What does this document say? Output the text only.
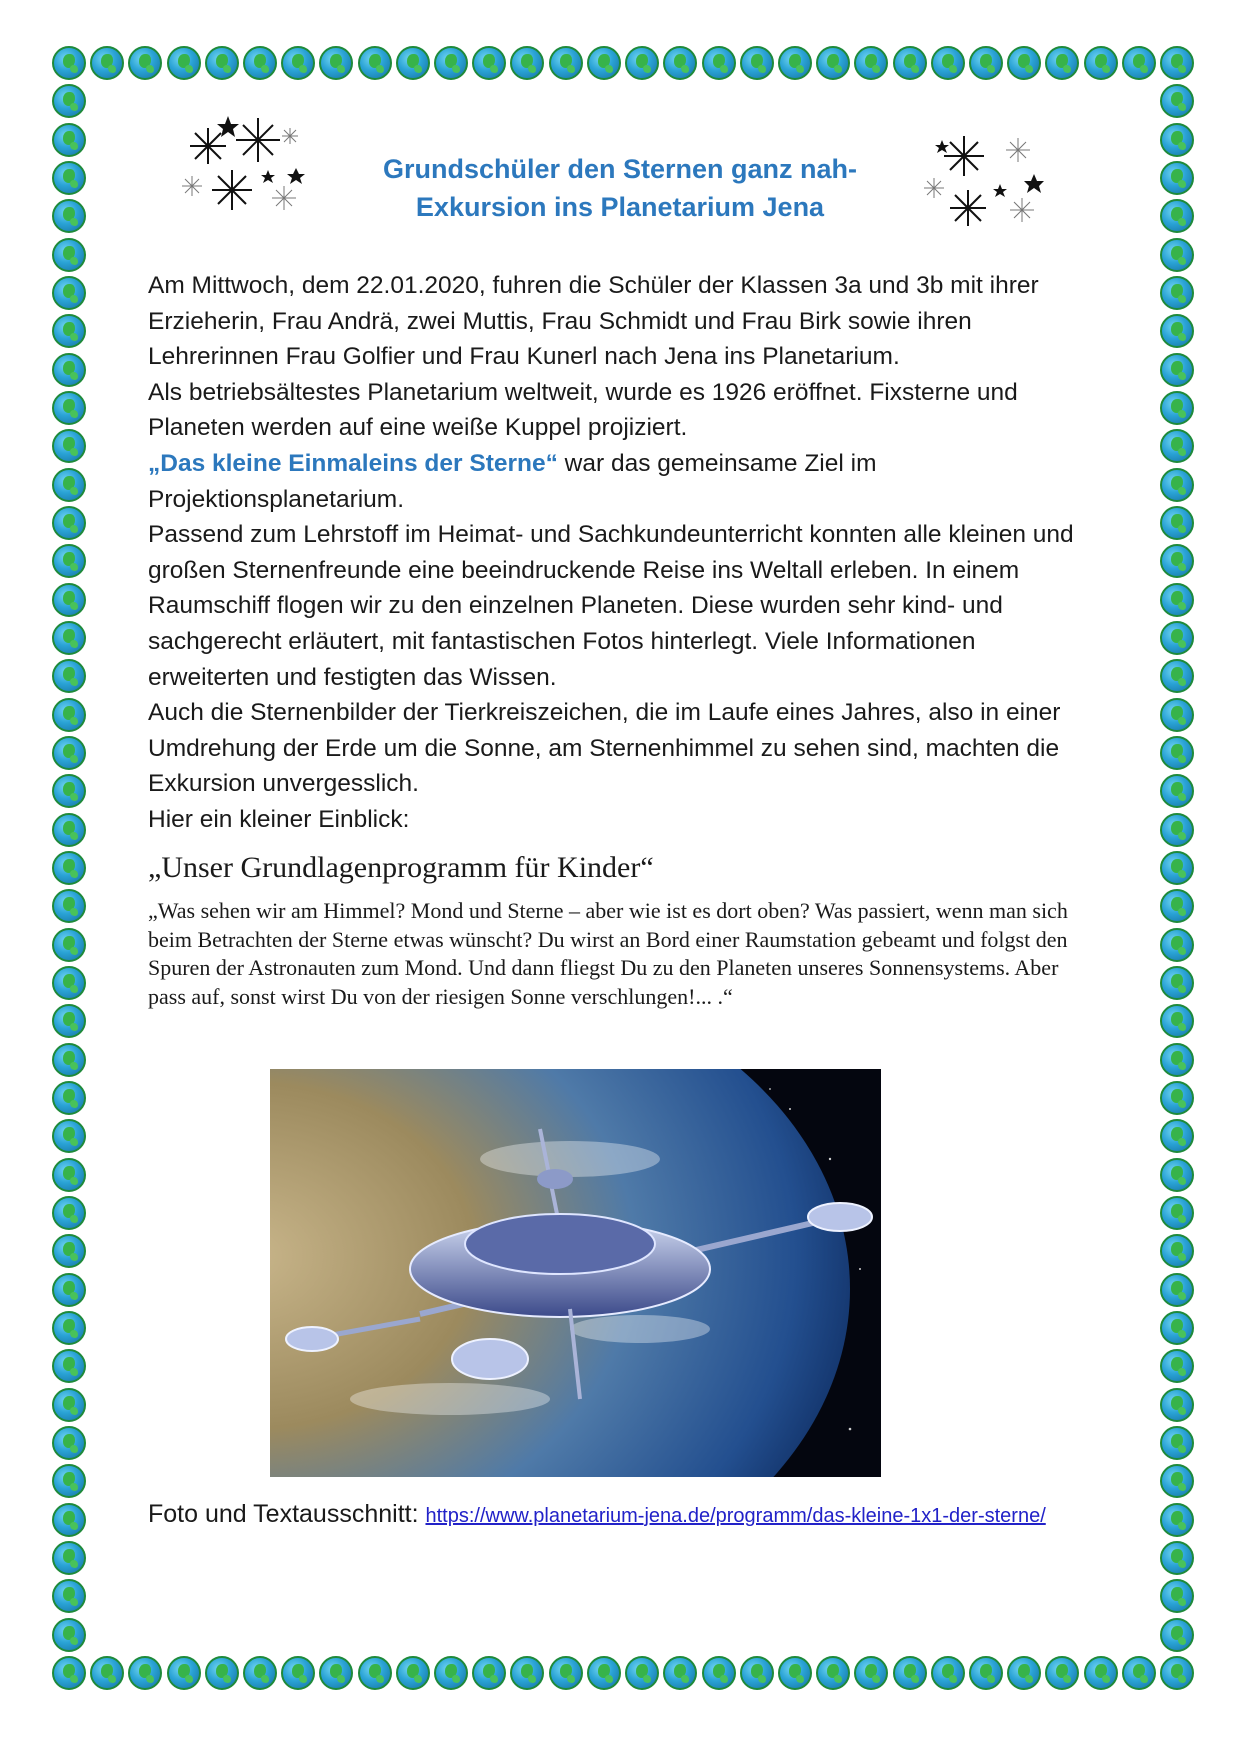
Grundschüler den Sternen ganz nah-
Exkursion ins Planetarium Jena

Am Mittwoch, dem 22.01.2020, fuhren die Schüler der Klassen 3a und 3b mit ihrer Erzieherin, Frau Andrä, zwei Muttis, Frau Schmidt und Frau Birk sowie ihren Lehrerinnen Frau Golfier und Frau Kunerl nach Jena ins Planetarium.

Als betriebsältestes Planetarium weltweit, wurde es 1926 eröffnet. Fixsterne und Planeten werden auf eine weiße Kuppel projiziert.

„Das kleine Einmaleins der Sterne“ war das gemeinsame Ziel im Projektionsplanetarium.

Passend zum Lehrstoff im Heimat- und Sachkundeunterricht konnten alle kleinen und großen Sternenfreunde eine beeindruckende Reise ins Weltall erleben. In einem Raumschiff flogen wir zu den einzelnen Planeten. Diese wurden sehr kind- und sachgerecht erläutert, mit fantastischen Fotos hinterlegt. Viele Informationen erweiterten und festigten das Wissen.

Auch die Sternenbilder der Tierkreiszeichen, die im Laufe eines Jahres, also in einer Umdrehung der Erde um die Sonne, am Sternenhimmel zu sehen sind, machten die Exkursion unvergesslich.

Hier ein kleiner Einblick:

„Unser Grundlagenprogramm für Kinder“
„Was sehen wir am Himmel? Mond und Sterne – aber wie ist es dort oben? Was passiert, wenn man sich beim Betrachten der Sterne etwas wünscht? Du wirst an Bord einer Raumstation gebeamt und folgst den Spuren der Astronauten zum Mond. Und dann fliegst Du zu den Planeten unseres Sonnensystems. Aber pass auf, sonst wirst Du von der riesigen Sonne verschlungen!... .“
Foto und Textausschnitt: https://www.planetarium-jena.de/programm/das-kleine-1x1-der-sterne/
